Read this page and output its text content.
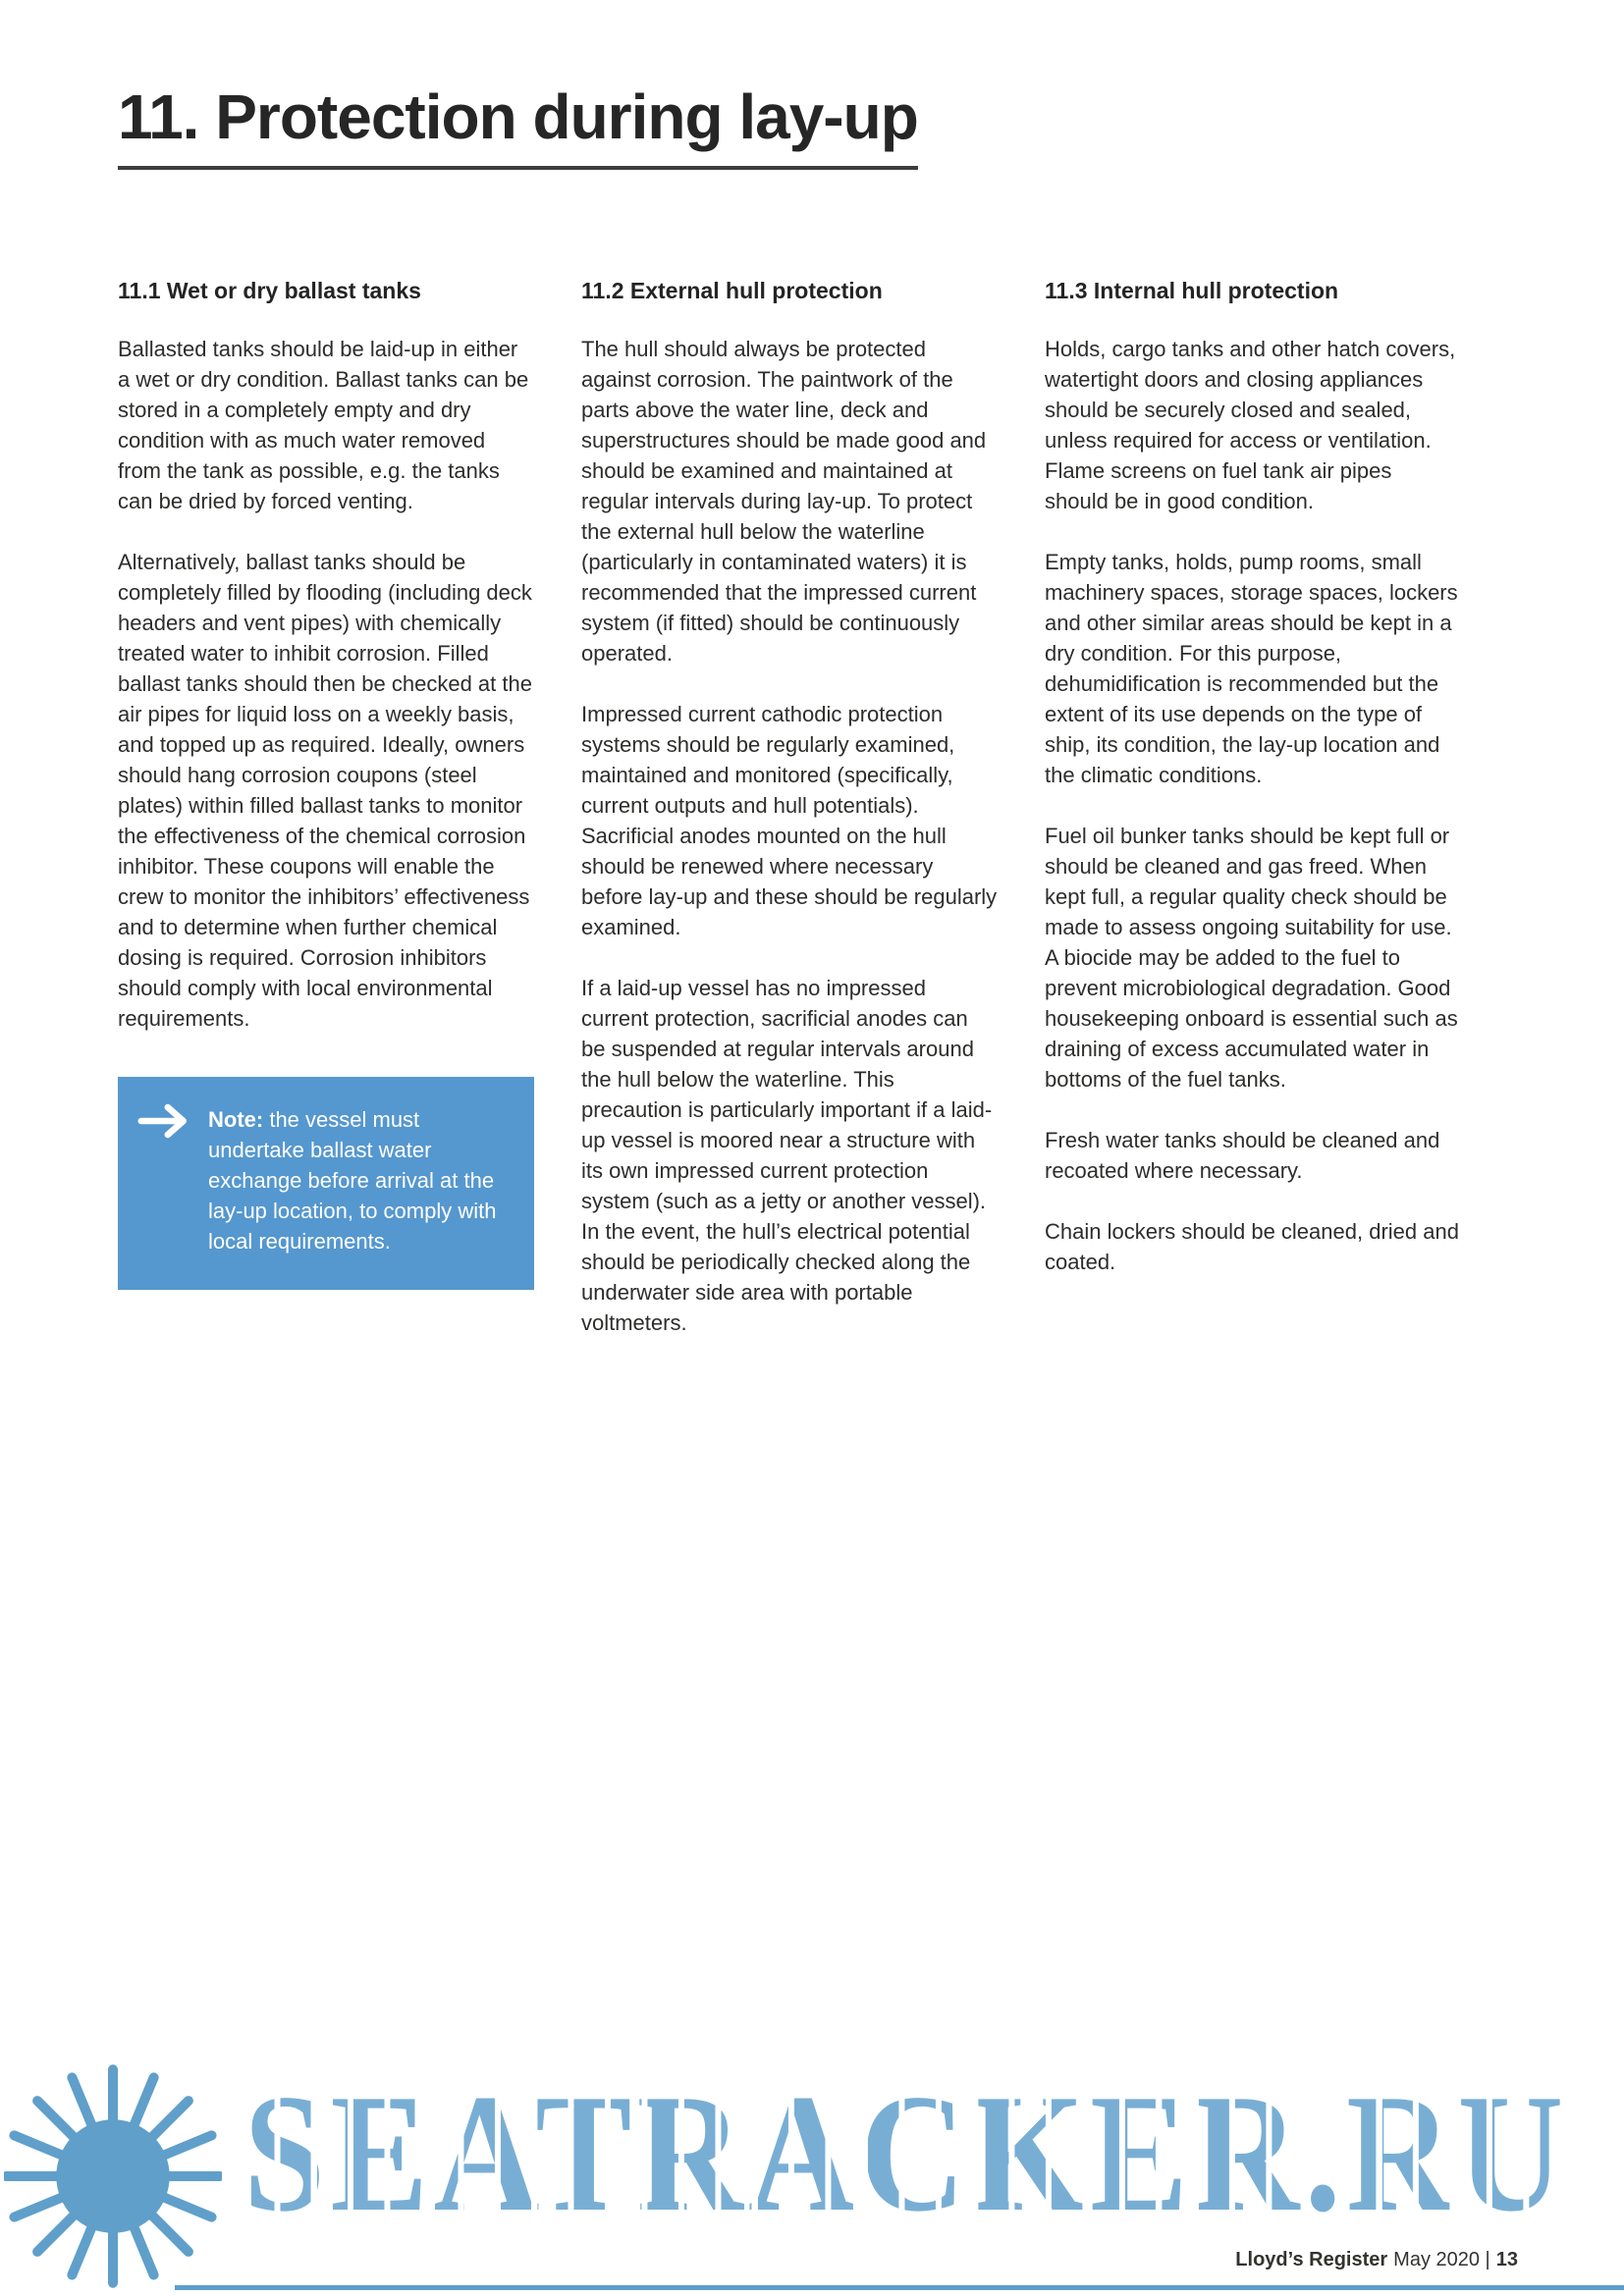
11. Protection during lay-up
11.1 Wet or dry ballast tanks

Ballasted tanks should be laid-up in either a wet or dry condition. Ballast tanks can be stored in a completely empty and dry condition with as much water removed from the tank as possible, e.g. the tanks can be dried by forced venting.

Alternatively, ballast tanks should be completely filled by flooding (including deck headers and vent pipes) with chemically treated water to inhibit corrosion. Filled ballast tanks should then be checked at the air pipes for liquid loss on a weekly basis, and topped up as required. Ideally, owners should hang corrosion coupons (steel plates) within filled ballast tanks to monitor the effectiveness of the chemical corrosion inhibitor. These coupons will enable the crew to monitor the inhibitors’ effectiveness and to determine when further chemical dosing is required. Corrosion inhibitors should comply with local environmental requirements.

Note: the vessel must undertake ballast water exchange before arrival at the lay-up location, to comply with local requirements.

11.2 External hull protection

The hull should always be protected against corrosion. The paintwork of the parts above the water line, deck and superstructures should be made good and should be examined and maintained at regular intervals during lay-up. To protect the external hull below the waterline (particularly in contaminated waters) it is recommended that the impressed current system (if fitted) should be continuously operated.

Impressed current cathodic protection systems should be regularly examined, maintained and monitored (specifically, current outputs and hull potentials). Sacrificial anodes mounted on the hull should be renewed where necessary before lay-up and these should be regularly examined.

If a laid-up vessel has no impressed current protection, sacrificial anodes can be suspended at regular intervals around the hull below the waterline. This precaution is particularly important if a laid-up vessel is moored near a structure with its own impressed current protection system (such as a jetty or another vessel). In the event, the hull’s electrical potential should be periodically checked along the underwater side area with portable voltmeters.

11.3 Internal hull protection

Holds, cargo tanks and other hatch covers, watertight doors and closing appliances should be securely closed and sealed, unless required for access or ventilation. Flame screens on fuel tank air pipes should be in good condition.

Empty tanks, holds, pump rooms, small machinery spaces, storage spaces, lockers and other similar areas should be kept in a dry condition. For this purpose, dehumidification is recommended but the extent of its use depends on the type of ship, its condition, the lay-up location and the climatic conditions.

Fuel oil bunker tanks should be kept full or should be cleaned and gas freed. When kept full, a regular quality check should be made to assess ongoing suitability for use. A biocide may be added to the fuel to prevent microbiological degradation. Good housekeeping onboard is essential such as draining of excess accumulated water in bottoms of the fuel tanks.

Fresh water tanks should be cleaned and recoated where necessary.

Chain lockers should be cleaned, dried and coated.

SEATRACKER.RU
Lloyd’s Register May 2020 | 13
